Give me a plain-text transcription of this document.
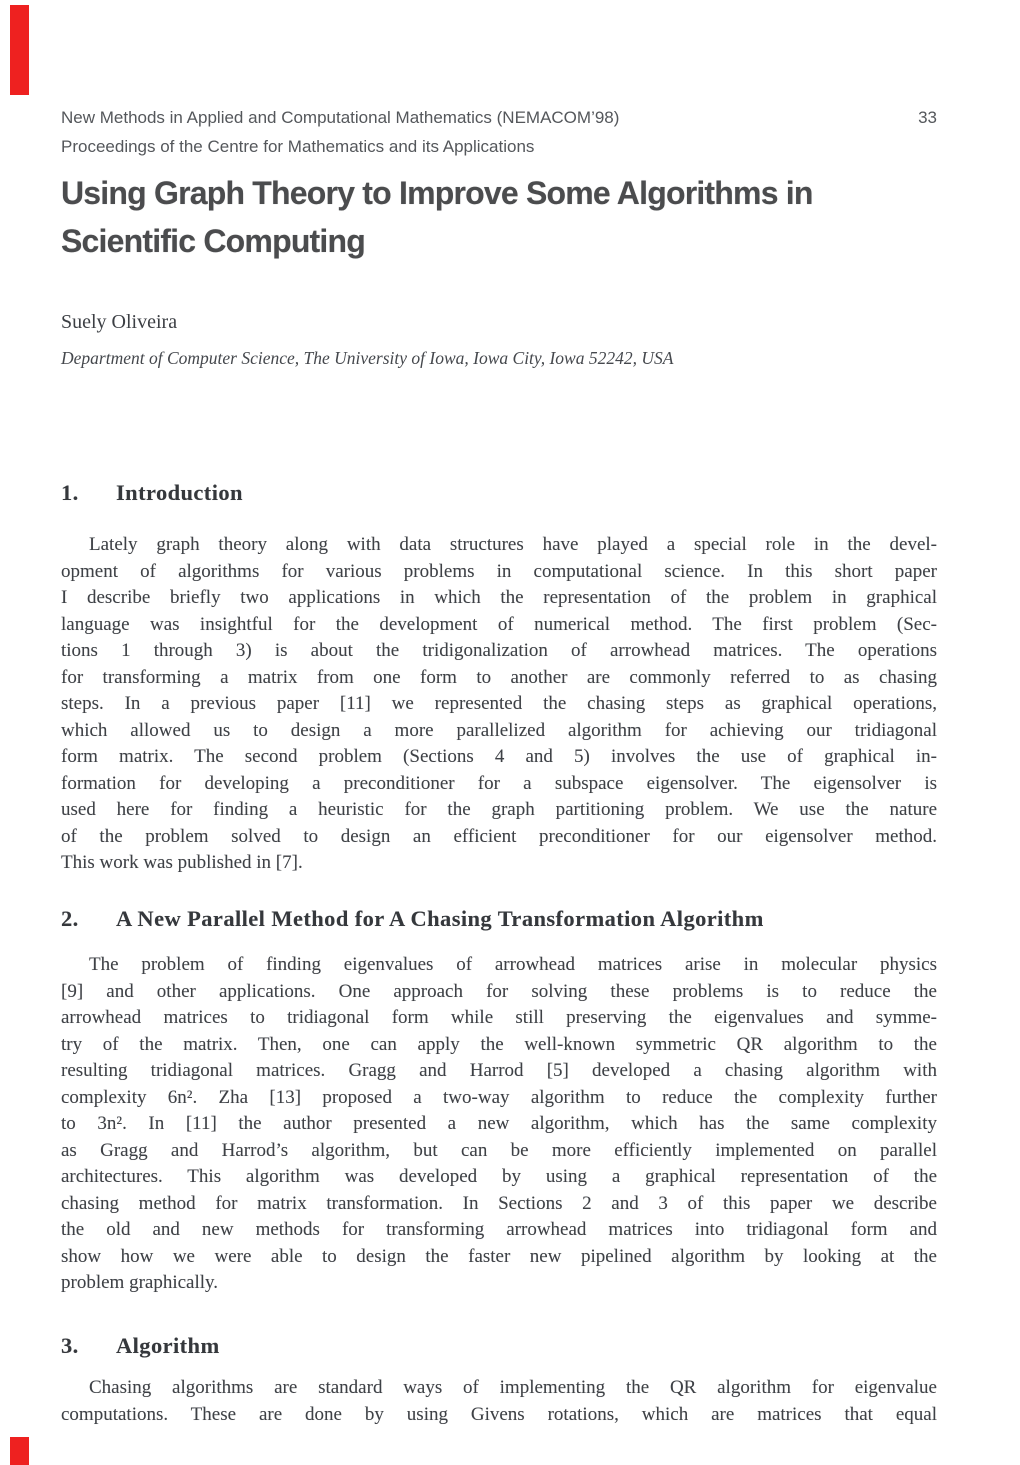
New Methods in Applied and Computational Mathematics (NEMACOM’98)	33
Proceedings of the Centre for Mathematics and its Applications
Using Graph Theory to Improve Some Algorithms in
Scientific Computing
Suely Oliveira
Department of Computer Science, The University of Iowa, Iowa City, Iowa 52242, USA
1. Introduction
Lately graph theory along with data structures have played a special role in the devel-
opment of algorithms for various problems in computational science. In this short paper
I describe briefly two applications in which the representation of the problem in graphical
language was insightful for the development of numerical method. The first problem (Sec-
tions 1 through 3) is about the tridigonalization of arrowhead matrices. The operations
for transforming a matrix from one form to another are commonly referred to as chasing
steps. In a previous paper [11] we represented the chasing steps as graphical operations,
which allowed us to design a more parallelized algorithm for achieving our tridiagonal
form matrix. The second problem (Sections 4 and 5) involves the use of graphical in-
formation for developing a preconditioner for a subspace eigensolver. The eigensolver is
used here for finding a heuristic for the graph partitioning problem. We use the nature
of the problem solved to design an efficient preconditioner for our eigensolver method.
This work was published in [7].
2. A New Parallel Method for A Chasing Transformation Algorithm
The problem of finding eigenvalues of arrowhead matrices arise in molecular physics
[9] and other applications. One approach for solving these problems is to reduce the
arrowhead matrices to tridiagonal form while still preserving the eigenvalues and symme-
try of the matrix. Then, one can apply the well-known symmetric QR algorithm to the
resulting tridiagonal matrices. Gragg and Harrod [5] developed a chasing algorithm with
complexity 6n². Zha [13] proposed a two-way algorithm to reduce the complexity further
to 3n². In [11] the author presented a new algorithm, which has the same complexity
as Gragg and Harrod’s algorithm, but can be more efficiently implemented on parallel
architectures. This algorithm was developed by using a graphical representation of the
chasing method for matrix transformation. In Sections 2 and 3 of this paper we describe
the old and new methods for transforming arrowhead matrices into tridiagonal form and
show how we were able to design the faster new pipelined algorithm by looking at the
problem graphically.
3. Algorithm
Chasing algorithms are standard ways of implementing the QR algorithm for eigenvalue
computations. These are done by using Givens rotations, which are matrices that equal
